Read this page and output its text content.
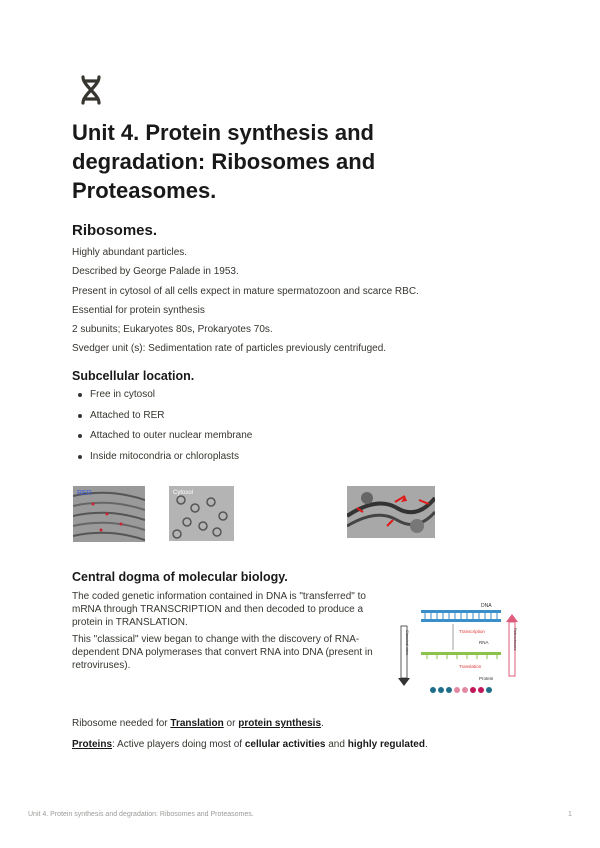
Unit 4. Protein synthesis and degradation: Ribosomes and Proteasomes.
Ribosomes.

Highly abundant particles.

Described by George Palade in 1953.

Present in cytosol of all cells expect in mature spermatozoon and scarce RBC.

Essential for protein synthesis

2 subunits; Eukaryotes 80s, Prokaryotes 70s.

Svedger unit (s): Sedimentation rate of particles previously centrifuged.

Subcellular location.
Free in cytosol
Attached to RER
Attached to outer nuclear membrane
Inside mitocondria or chloroplasts
RER	Cytosol
Central dogma of molecular biology.

The coded genetic information contained in DNA is "transferred" to mRNA through TRANSCRIPTION and then decoded to produce a protein in TRANSLATION.

This "classical" view began to change with the discovery of RNA-dependent DNA polymerases that convert RNA into DNA (present in retroviruses).

DNA
Transcription
RNA
Translation
Protein
Classical view	Retroviruses

Ribosome needed for Translation or protein synthesis.

Proteins: Active players doing most of cellular activities and highly regulated.

Unit 4. Protein synthesis and degradation: Ribosomes and Proteasomes.	1
